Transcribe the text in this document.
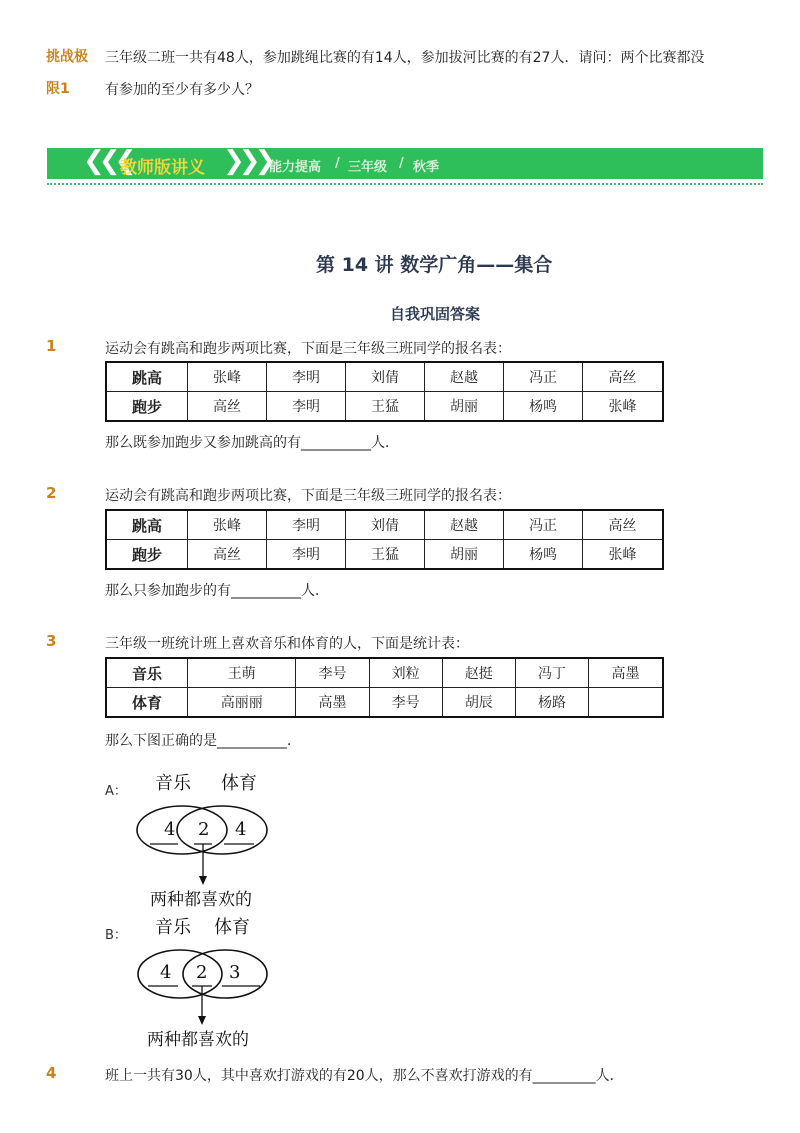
挑战极
限1
三年级二班一共有48人，参加跳绳比赛的有14人，参加拔河比赛的有27人．请问：两个比赛都没
有参加的至少有多少人？
❮❮❮
教师版讲义 ❯❯❯
能力提高 / 三年级 / 秋季
第 14 讲 数学广角——集合
自我巩固答案
1	运动会有跳高和跑步两项比赛，下面是三年级三班同学的报名表：
跳高	张峰	李明	刘倩	赵越	冯正	高丝
跑步	高丝	李明	王猛	胡丽	杨鸣	张峰
那么既参加跑步又参加跳高的有__________人．
2	运动会有跳高和跑步两项比赛，下面是三年级三班同学的报名表：
跳高	张峰	李明	刘倩	赵越	冯正	高丝
跑步	高丝	李明	王猛	胡丽	杨鸣	张峰
那么只参加跑步的有__________人．
3	三年级一班统计班上喜欢音乐和体育的人，下面是统计表：
音乐	王萌	李号	刘粒	赵挺	冯丁	高墨
体育	高丽丽	高墨	李号	胡辰	杨路	
那么下图正确的是__________．
A： 音乐 体育
4 2 4
两种都喜欢的
B： 音乐 体育
4 2 3
两种都喜欢的
4	班上一共有30人，其中喜欢打游戏的有20人，那么不喜欢打游戏的有_________人．
